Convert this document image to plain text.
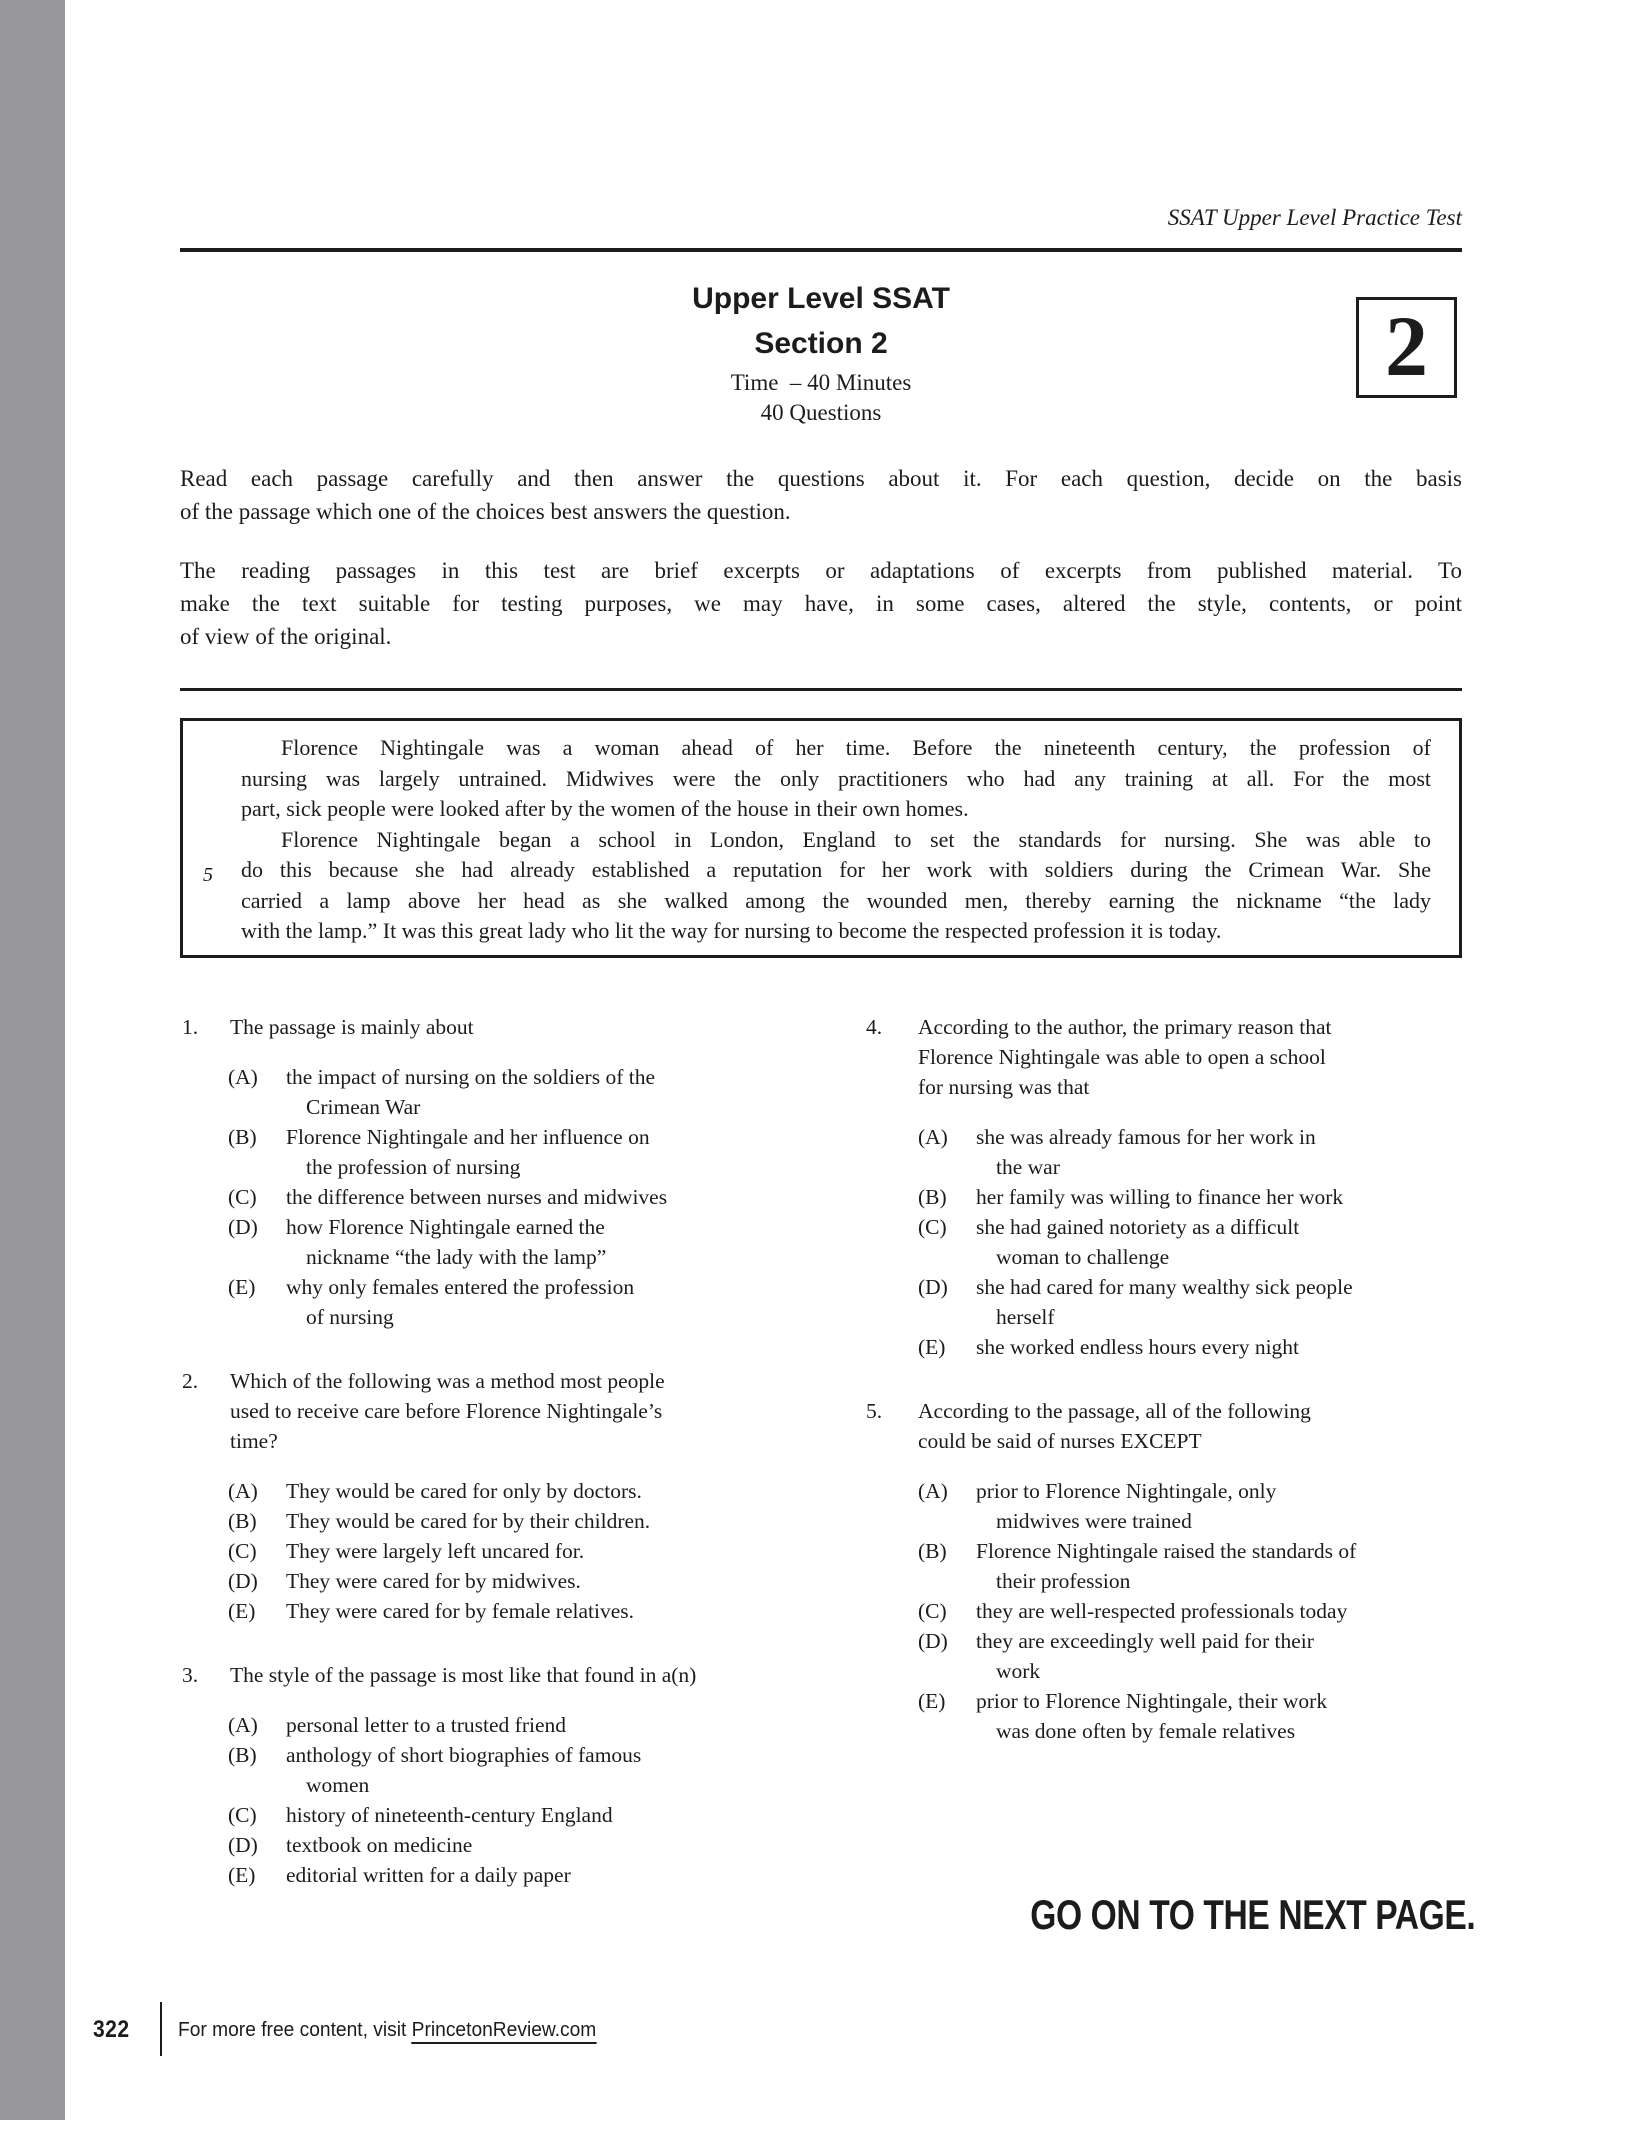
SSAT Upper Level Practice Test
Upper Level SSAT
Section 2
Time  – 40 Minutes
40 Questions
2
Read each passage carefully and then answer the questions about it. For each question, decide on the basis
of the passage which one of the choices best answers the question.
The reading passages in this test are brief excerpts or adaptations of excerpts from published material. To
make the text suitable for testing purposes, we may have, in some cases, altered the style, contents, or point
of view of the original.
5
Florence Nightingale was a woman ahead of her time. Before the nineteenth century, the profession of
nursing was largely untrained. Midwives were the only practitioners who had any training at all. For the most
part, sick people were looked after by the women of the house in their own homes.
Florence Nightingale began a school in London, England to set the standards for nursing. She was able to
do this because she had already established a reputation for her work with soldiers during the Crimean War. She
carried a lamp above her head as she walked among the wounded men, thereby earning the nickname “the lady
with the lamp.” It was this great lady who lit the way for nursing to become the respected profession it is today.
1.	The passage is mainly about
(A)	the impact of nursing on the soldiers of the
Crimean War
(B)	Florence Nightingale and her influence on
the profession of nursing
(C)	the difference between nurses and midwives
(D)	how Florence Nightingale earned the
nickname “the lady with the lamp”
(E)	why only females entered the profession
of nursing
2.	Which of the following was a method most people
used to receive care before Florence Nightingale’s
time?
(A)	They would be cared for only by doctors.
(B)	They would be cared for by their children.
(C)	They were largely left uncared for.
(D)	They were cared for by midwives.
(E)	They were cared for by female relatives.
3.	The style of the passage is most like that found in a(n)
(A)	personal letter to a trusted friend
(B)	anthology of short biographies of famous
women
(C)	history of nineteenth-century England
(D)	textbook on medicine
(E)	editorial written for a daily paper
4.	According to the author, the primary reason that
Florence Nightingale was able to open a school
for nursing was that
(A)	she was already famous for her work in
the war
(B)	her family was willing to finance her work
(C)	she had gained notoriety as a difficult
woman to challenge
(D)	she had cared for many wealthy sick people
herself
(E)	she worked endless hours every night
5.	According to the passage, all of the following
could be said of nurses EXCEPT
(A)	prior to Florence Nightingale, only
midwives were trained
(B)	Florence Nightingale raised the standards of
their profession
(C)	they are well-respected professionals today
(D)	they are exceedingly well paid for their
work
(E)	prior to Florence Nightingale, their work
was done often by female relatives
GO ON TO THE NEXT PAGE.
322 For more free content, visit PrincetonReview.com
